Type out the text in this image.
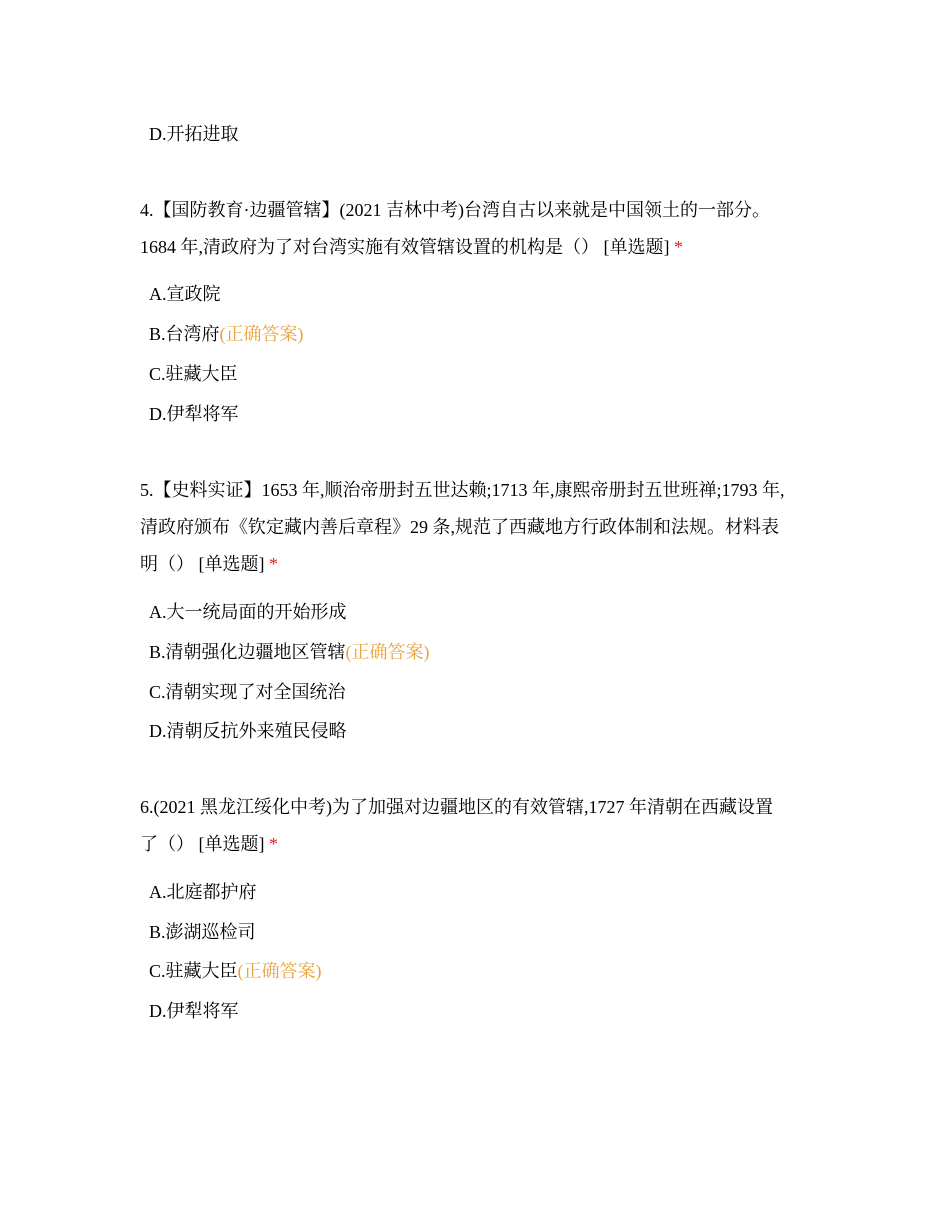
D.开拓进取
4.【国防教育·边疆管辖】(2021 吉林中考)台湾自古以来就是中国领土的一部分。
1684 年,清政府为了对台湾实施有效管辖设置的机构是（） [单选题] *
A.宣政院
B.台湾府(正确答案)
C.驻藏大臣
D.伊犁将军
5.【史料实证】1653 年,顺治帝册封五世达赖;1713 年,康熙帝册封五世班禅;1793 年,
清政府颁布《钦定藏内善后章程》29 条,规范了西藏地方行政体制和法规。材料表
明（） [单选题] *
A.大一统局面的开始形成
B.清朝强化边疆地区管辖(正确答案)
C.清朝实现了对全国统治
D.清朝反抗外来殖民侵略
6.(2021 黑龙江绥化中考)为了加强对边疆地区的有效管辖,1727 年清朝在西藏设置
了（） [单选题] *
A.北庭都护府
B.澎湖巡检司
C.驻藏大臣(正确答案)
D.伊犁将军
